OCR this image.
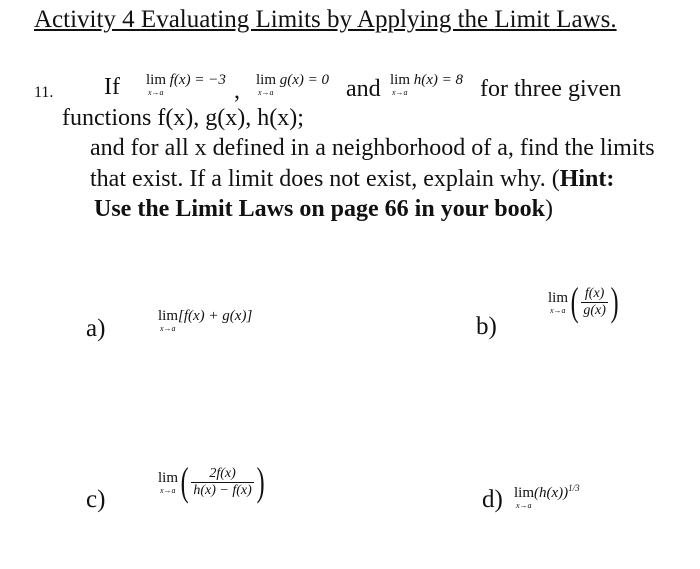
Activity 4 Evaluating Limits by Applying the Limit Laws.
11. If lim f(x) = −3
x→a	, lim g(x) = 0
x→a	and lim h(x) = 8
x→a	for three given
functions f(x), g(x), h(x);
and for all x defined in a neighborhood of a, find the limits
that exist. If a limit does not exist, explain why. (Hint:
Use the Limit Laws on page 66 in your book)
a)	lim[f(x) + g(x)]
x→a	b)
lim
x→a ( $\frac{f(x)}{g(x)}$ )
c)
lim
x→a ( $\frac{2f(x)}{h(x) - f(x)}$ )	d) $\lim(h(x))^{1/3}$
x→a
